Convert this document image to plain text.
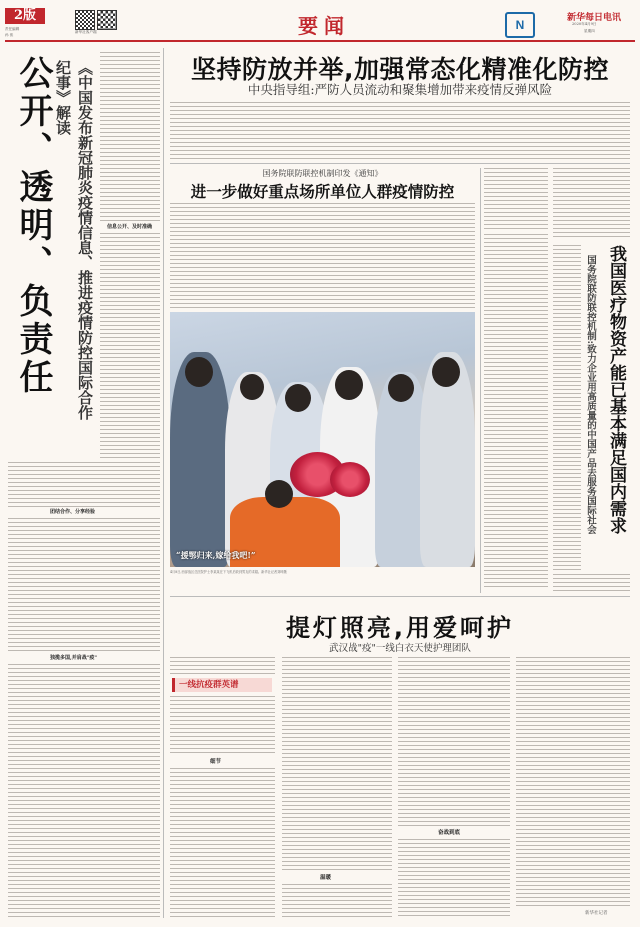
2版
责任编辑
孙 侠
新华社客户端	要闻	N	新华每日电讯
2020年4月9日
星期四
公开、透明、负责任	《中国发布新冠肺炎疫情信息、推进疫情防控国际合作纪事》解读
信息公开、及时准确
团结合作、分享经验
独揽多国,并肩战"疫"
坚持防放并举,加强常态化精准化防控
中央指导组:严防人员流动和聚集增加带来疫情反弹风险
国务院联防联控机制印发《通知》
进一步做好重点场所单位人群疫情防控
“援鄂归来,嫁给我吧!”
4月8日,西部战区总医院护士李某某在下飞机后收到男友的求婚。新华社记者刘坤摄
我国医疗物资产能已基本满足国内需求
国务院联防联控机制:致力企业用高质量的中国产品去服务国际社会
提灯照亮,用爱呵护
武汉战"疫"一线白衣天使护理团队
一线抗疫群英谱
细节
温暖
奋战到底
新华社记者
